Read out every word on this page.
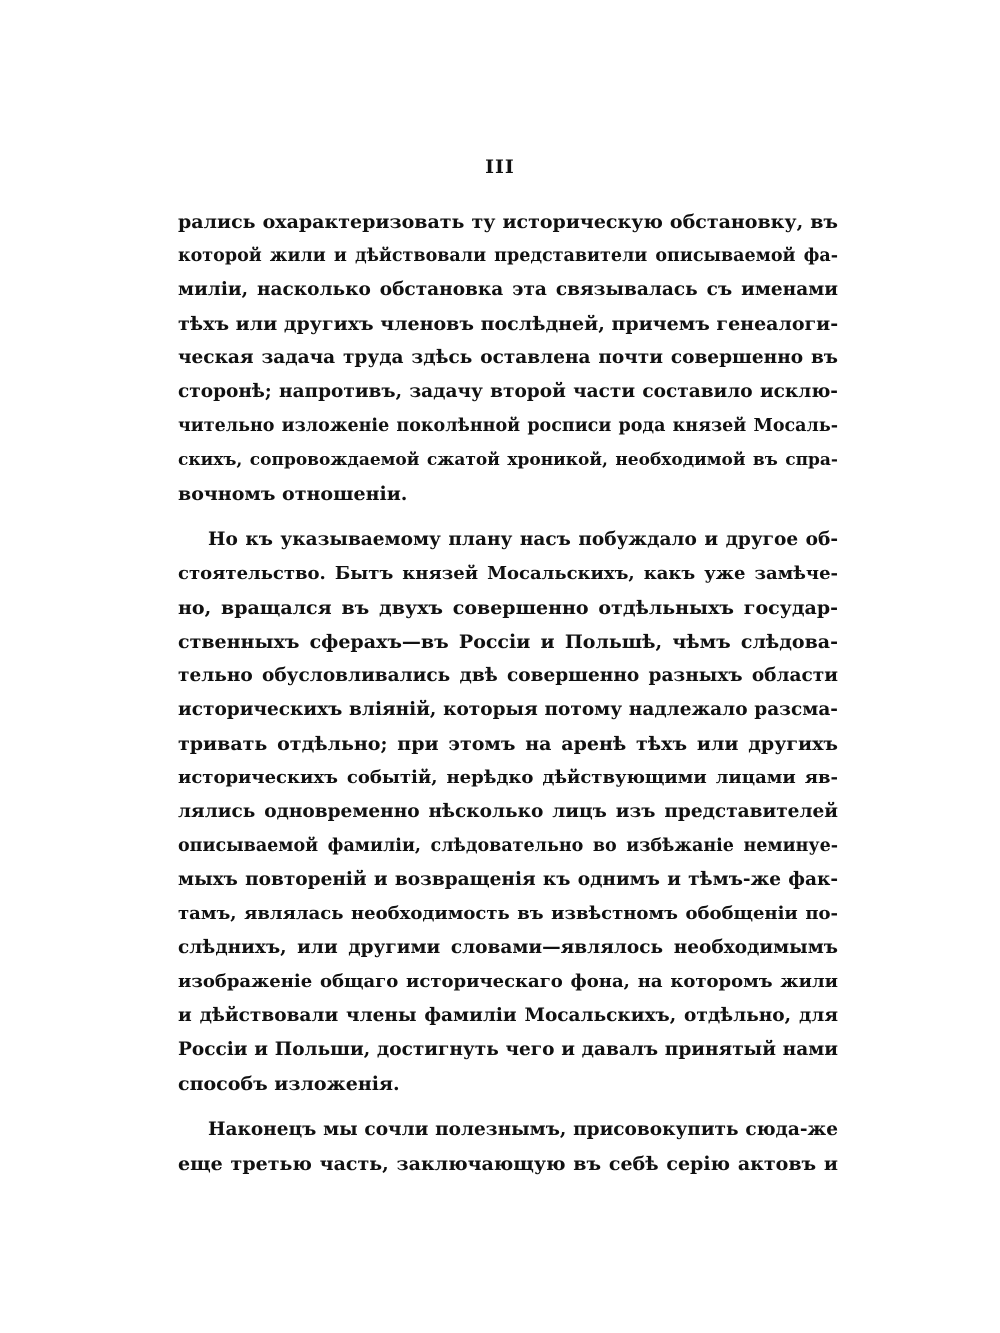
III
рались охарактеризовать ту историческую обстановку, въ
которой жили и дѣйствовали представители описываемой фа-
миліи, насколько обстановка эта связывалась съ именами
тѣхъ или другихъ членовъ послѣдней, причемъ генеалоги-
ческая задача труда здѣсь оставлена почти совершенно въ
сторонѣ; напротивъ, задачу второй части составило исклю-
чительно изложеніе поколѣнной росписи рода князей Мосаль-
скихъ, сопровождаемой сжатой хроникой, необходимой въ спра-
вочномъ отношеніи.
Но къ указываемому плану насъ побуждало и другое об-
стоятельство. Бытъ князей Мосальскихъ, какъ уже замѣче-
но, вращался въ двухъ совершенно отдѣльныхъ государ-
ственныхъ сферахъ—въ Россіи и Польшѣ, чѣмъ слѣдова-
тельно обусловливались двѣ совершенно разныхъ области
историческихъ вліяній, которыя потому надлежало разсма-
тривать отдѣльно; при этомъ на аренѣ тѣхъ или другихъ
историческихъ событій, нерѣдко дѣйствующими лицами яв-
лялись одновременно нѣсколько лицъ изъ представителей
описываемой фамиліи, слѣдовательно во избѣжаніе неминуе-
мыхъ повтореній и возвращенія къ однимъ и тѣмъ-же фак-
тамъ, являлась необходимость въ извѣстномъ обобщеніи по-
слѣднихъ, или другими словами—являлось необходимымъ
изображеніе общаго историческаго фона, на которомъ жили
и дѣйствовали члены фамиліи Мосальскихъ, отдѣльно, для
Россіи и Польши, достигнуть чего и давалъ принятый нами
способъ изложенія.
Наконецъ мы сочли полезнымъ, присовокупить сюда-же
еще третью часть, заключающую въ себѣ серію актовъ и
